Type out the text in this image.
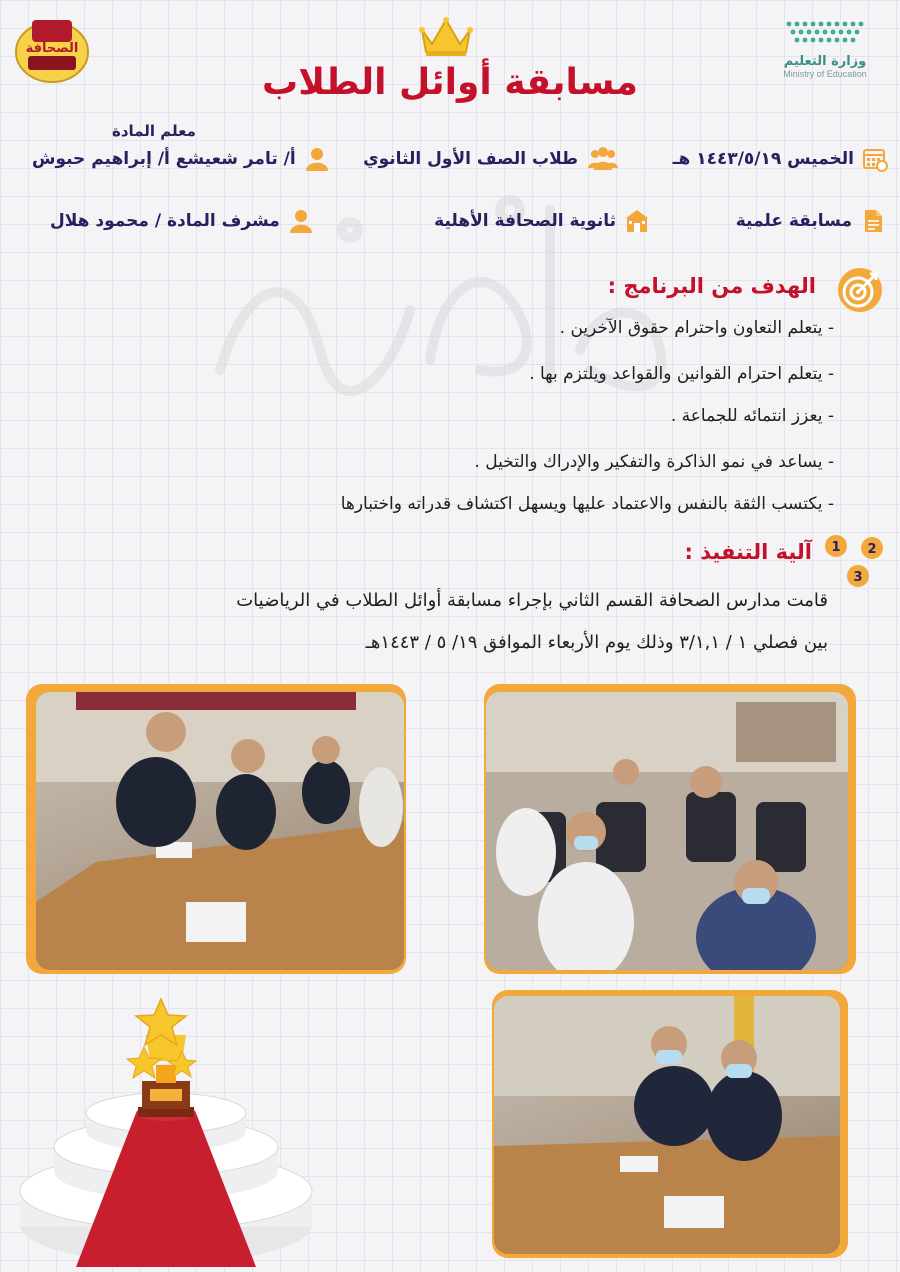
الصحافة
وزارة التعليم
Ministry of Education
مسابقة أوائل الطلاب
معلم المادة
الخميس ١٤٤٣/٥/١٩ هـ
طلاب الصف الأول الثانوي
أ/ تامر شعيشع أ/ إبراهيم حبوش
مسابقة علمية
ثانوية الصحافة الأهلية
مشرف المادة / محمود هلال
الهدف من البرنامج :
- يتعلم التعاون واحترام حقوق الآخرين .
- يتعلم احترام القوانين والقواعد ويلتزم بها .
- يعزز انتمائه للجماعة .
- يساعد في نمو الذاكرة والتفكير والإدراك والتخيل .
- يكتسب الثقة بالنفس والاعتماد عليها ويسهل اكتشاف قدراته واختبارها
1 2
3
آلية التنفيذ :
قامت مدارس الصحافة القسم الثاني بإجراء مسابقة أوائل الطلاب في الرياضيات
بين فصلي ١ / ٣/١,١ وذلك يوم الأربعاء الموافق ١٩/ ٥ / ١٤٤٣هـ
